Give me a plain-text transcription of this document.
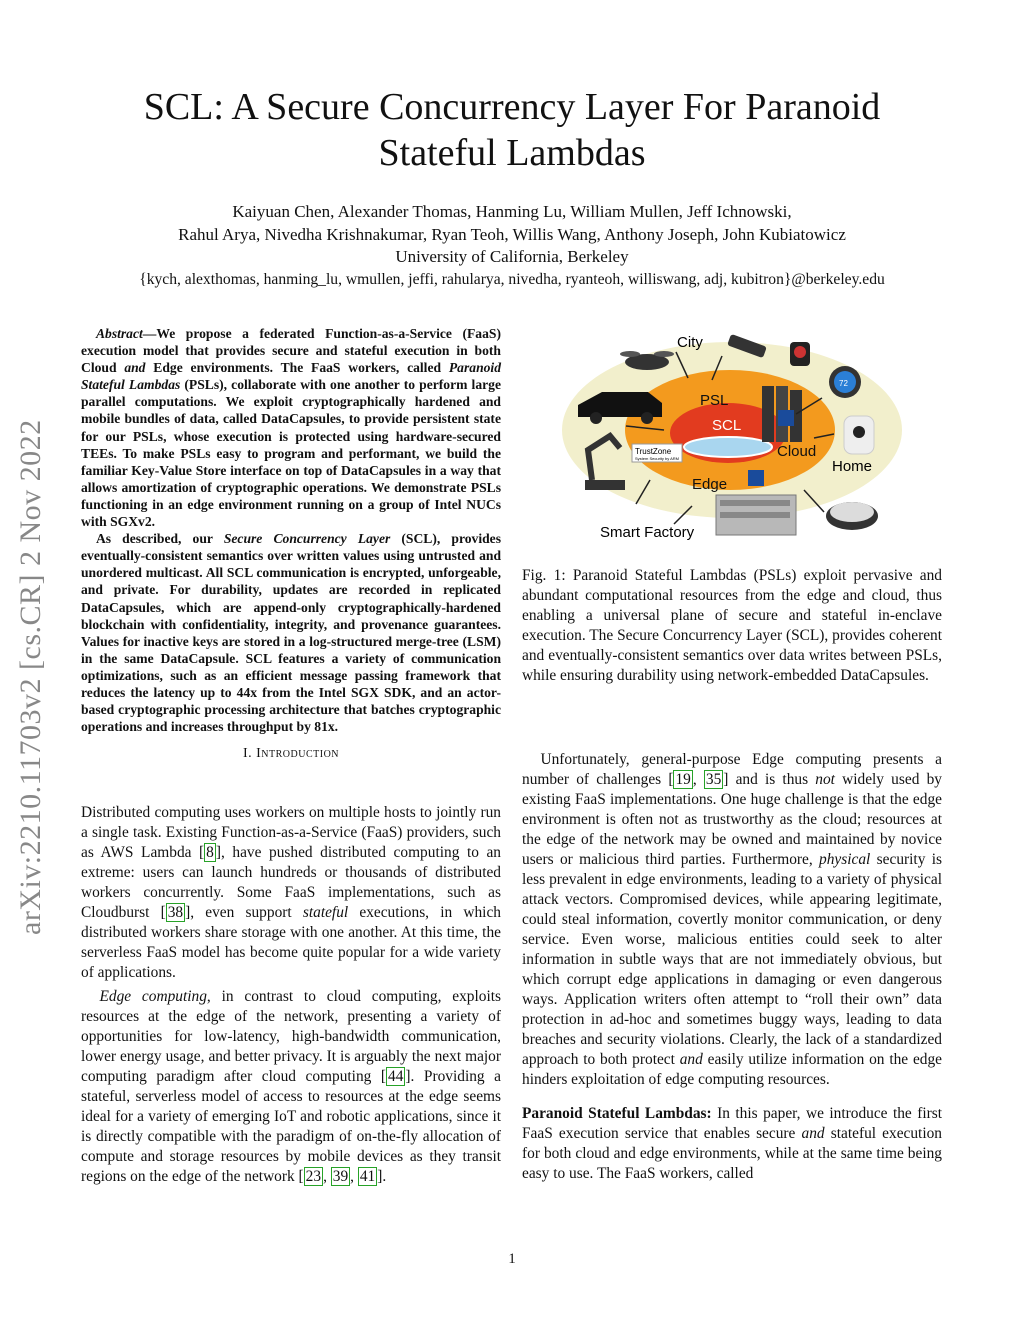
SCL: A Secure Concurrency Layer For Paranoid
Stateful Lambdas
Kaiyuan Chen, Alexander Thomas, Hanming Lu, William Mullen, Jeff Ichnowski,
Rahul Arya, Nivedha Krishnakumar, Ryan Teoh, Willis Wang, Anthony Joseph, John Kubiatowicz
University of California, Berkeley
{kych, alexthomas, hanming_lu, wmullen, jeffi, rahularya, nivedha, ryanteoh, williswang, adj, kubitron}@berkeley.edu
arXiv:2210.11703v2 [cs.CR] 2 Nov 2022

Abstract—We propose a federated Function-as-a-Service (FaaS) execution model that provides secure and stateful execution in both Cloud and Edge environments. The FaaS workers, called Paranoid Stateful Lambdas (PSLs), collaborate with one another to perform large parallel computations. We exploit cryptographically hardened and mobile bundles of data, called DataCapsules, to provide persistent state for our PSLs, whose execution is protected using hardware-secured TEEs. To make PSLs easy to program and performant, we build the familiar Key-Value Store interface on top of DataCapsules in a way that allows amortization of cryptographic operations. We demonstrate PSLs functioning in an edge environment running on a group of Intel NUCs with SGXv2.

As described, our Secure Concurrency Layer (SCL), provides eventually-consistent semantics over written values using untrusted and unordered multicast. All SCL communication is encrypted, unforgeable, and private. For durability, updates are recorded in replicated DataCapsules, which are append-only cryptographically-hardened blockchain with confidentiality, integrity, and provenance guarantees. Values for inactive keys are stored in a log-structured merge-tree (LSM) in the same DataCapsule. SCL features a variety of communication optimizations, such as an efficient message passing framework that reduces the latency up to 44x from the Intel SGX SDK, and an actor-based cryptographic processing architecture that batches cryptographic operations and increases throughput by 81x.

I. Introduction

Distributed computing uses workers on multiple hosts to jointly run a single task. Existing Function-as-a-Service (FaaS) providers, such as AWS Lambda [ 8 ], have pushed distributed computing to an extreme: users can launch hundreds or thousands of distributed workers concurrently. Some FaaS implementations, such as Cloudburst [ 38 ], even support stateful executions, in which distributed workers share storage with one another. At this time, the serverless FaaS model has become quite popular for a wide variety of applications.

Edge computing, in contrast to cloud computing, exploits resources at the edge of the network, presenting a variety of opportunities for low-latency, high-bandwidth communication, lower energy usage, and better privacy. It is arguably the next major computing paradigm after cloud computing [ 44 ]. Providing a stateful, serverless model of access to resources at the edge seems ideal for a variety of emerging IoT and robotic applications, since it is directly compatible with the paradigm of on-the-fly allocation of compute and storage resources by mobile devices as they transit regions on the edge of the network [ 23 , 39 , 41 ].

City
PSL
SCL
Cloud
Edge
Home
Smart Factory
TrustZone
System Security by ARM
72

Fig. 1: Paranoid Stateful Lambdas (PSLs) exploit pervasive and abundant computational resources from the edge and cloud, thus enabling a universal plane of secure and stateful in-enclave execution. The Secure Concurrency Layer (SCL), provides coherent and eventually-consistent semantics over data writes between PSLs, while ensuring durability using network-embedded DataCapsules.

Unfortunately, general-purpose Edge computing presents a number of challenges [ 19 , 35 ] and is thus not widely used by existing FaaS implementations. One huge challenge is that the edge environment is often not as trustworthy as the cloud; resources at the edge of the network may be owned and maintained by novice users or malicious third parties. Furthermore, physical security is less prevalent in edge environments, leading to a variety of physical attack vectors. Compromised devices, while appearing legitimate, could steal information, covertly monitor communication, or deny service. Even worse, malicious entities could seek to alter information in subtle ways that are not immediately obvious, but which corrupt edge applications in damaging or even dangerous ways. Application writers often attempt to “roll their own” data protection in ad-hoc and sometimes buggy ways, leading to data breaches and security violations. Clearly, the lack of a standardized approach to both protect and easily utilize information on the edge hinders exploitation of edge computing resources.

Paranoid Stateful Lambdas: In this paper, we introduce the first FaaS execution service that enables secure and stateful execution for both cloud and edge environments, while at the same time being easy to use. The FaaS workers, called

1
